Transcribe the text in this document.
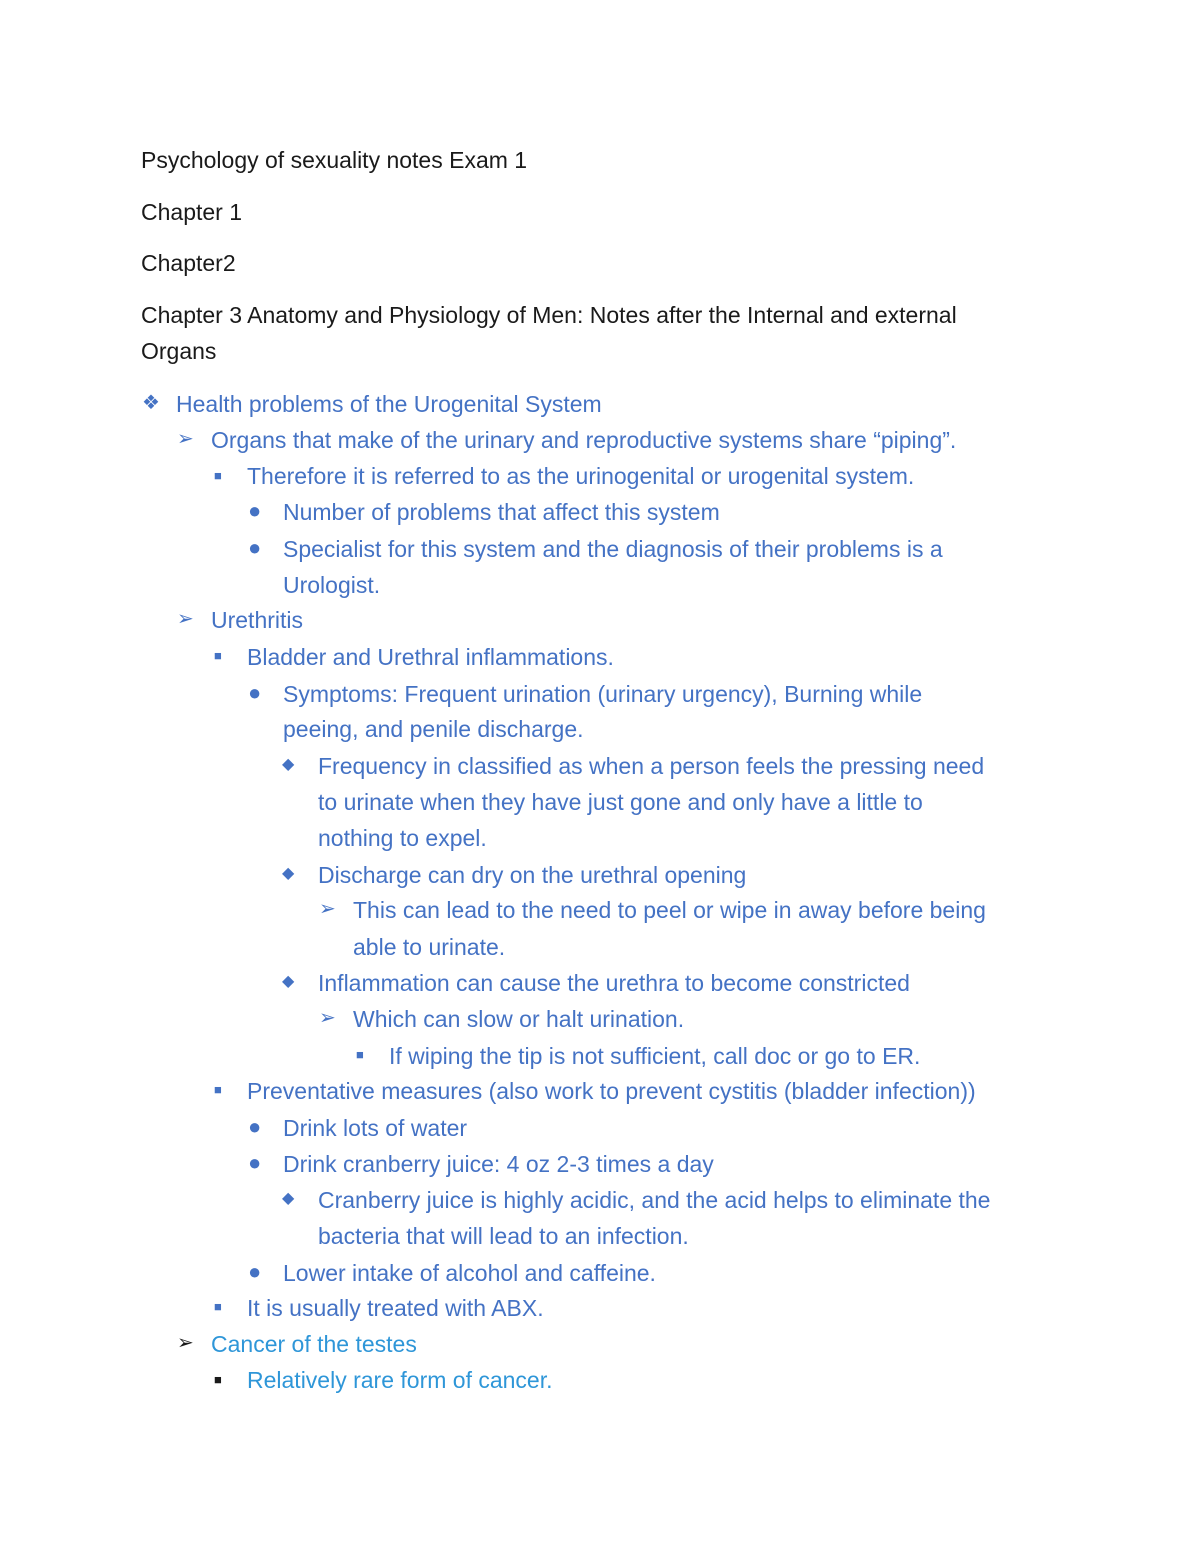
Psychology of sexuality notes Exam 1
Chapter 1
Chapter2
Chapter 3 Anatomy and Physiology of Men: Notes after the Internal and external
Organs
❖ Health problems of the Urogenital System
➢ Organs that make of the urinary and reproductive systems share “piping”.
■ Therefore it is referred to as the urinogenital or urogenital system.
● Number of problems that affect this system
● Specialist for this system and the diagnosis of their problems is a
Urologist.
➢ Urethritis
■ Bladder and Urethral inflammations.
● Symptoms: Frequent urination (urinary urgency), Burning while
peeing, and penile discharge.
◆ Frequency in classified as when a person feels the pressing need
to urinate when they have just gone and only have a little to
nothing to expel.
◆ Discharge can dry on the urethral opening
➢ This can lead to the need to peel or wipe in away before being
able to urinate.
◆ Inflammation can cause the urethra to become constricted
➢ Which can slow or halt urination.
■ If wiping the tip is not sufficient, call doc or go to ER.
■ Preventative measures (also work to prevent cystitis (bladder infection))
● Drink lots of water
● Drink cranberry juice: 4 oz 2-3 times a day
◆ Cranberry juice is highly acidic, and the acid helps to eliminate the
bacteria that will lead to an infection.
● Lower intake of alcohol and caffeine.
■ It is usually treated with ABX.
➢ Cancer of the testes
■ Relatively rare form of cancer.
